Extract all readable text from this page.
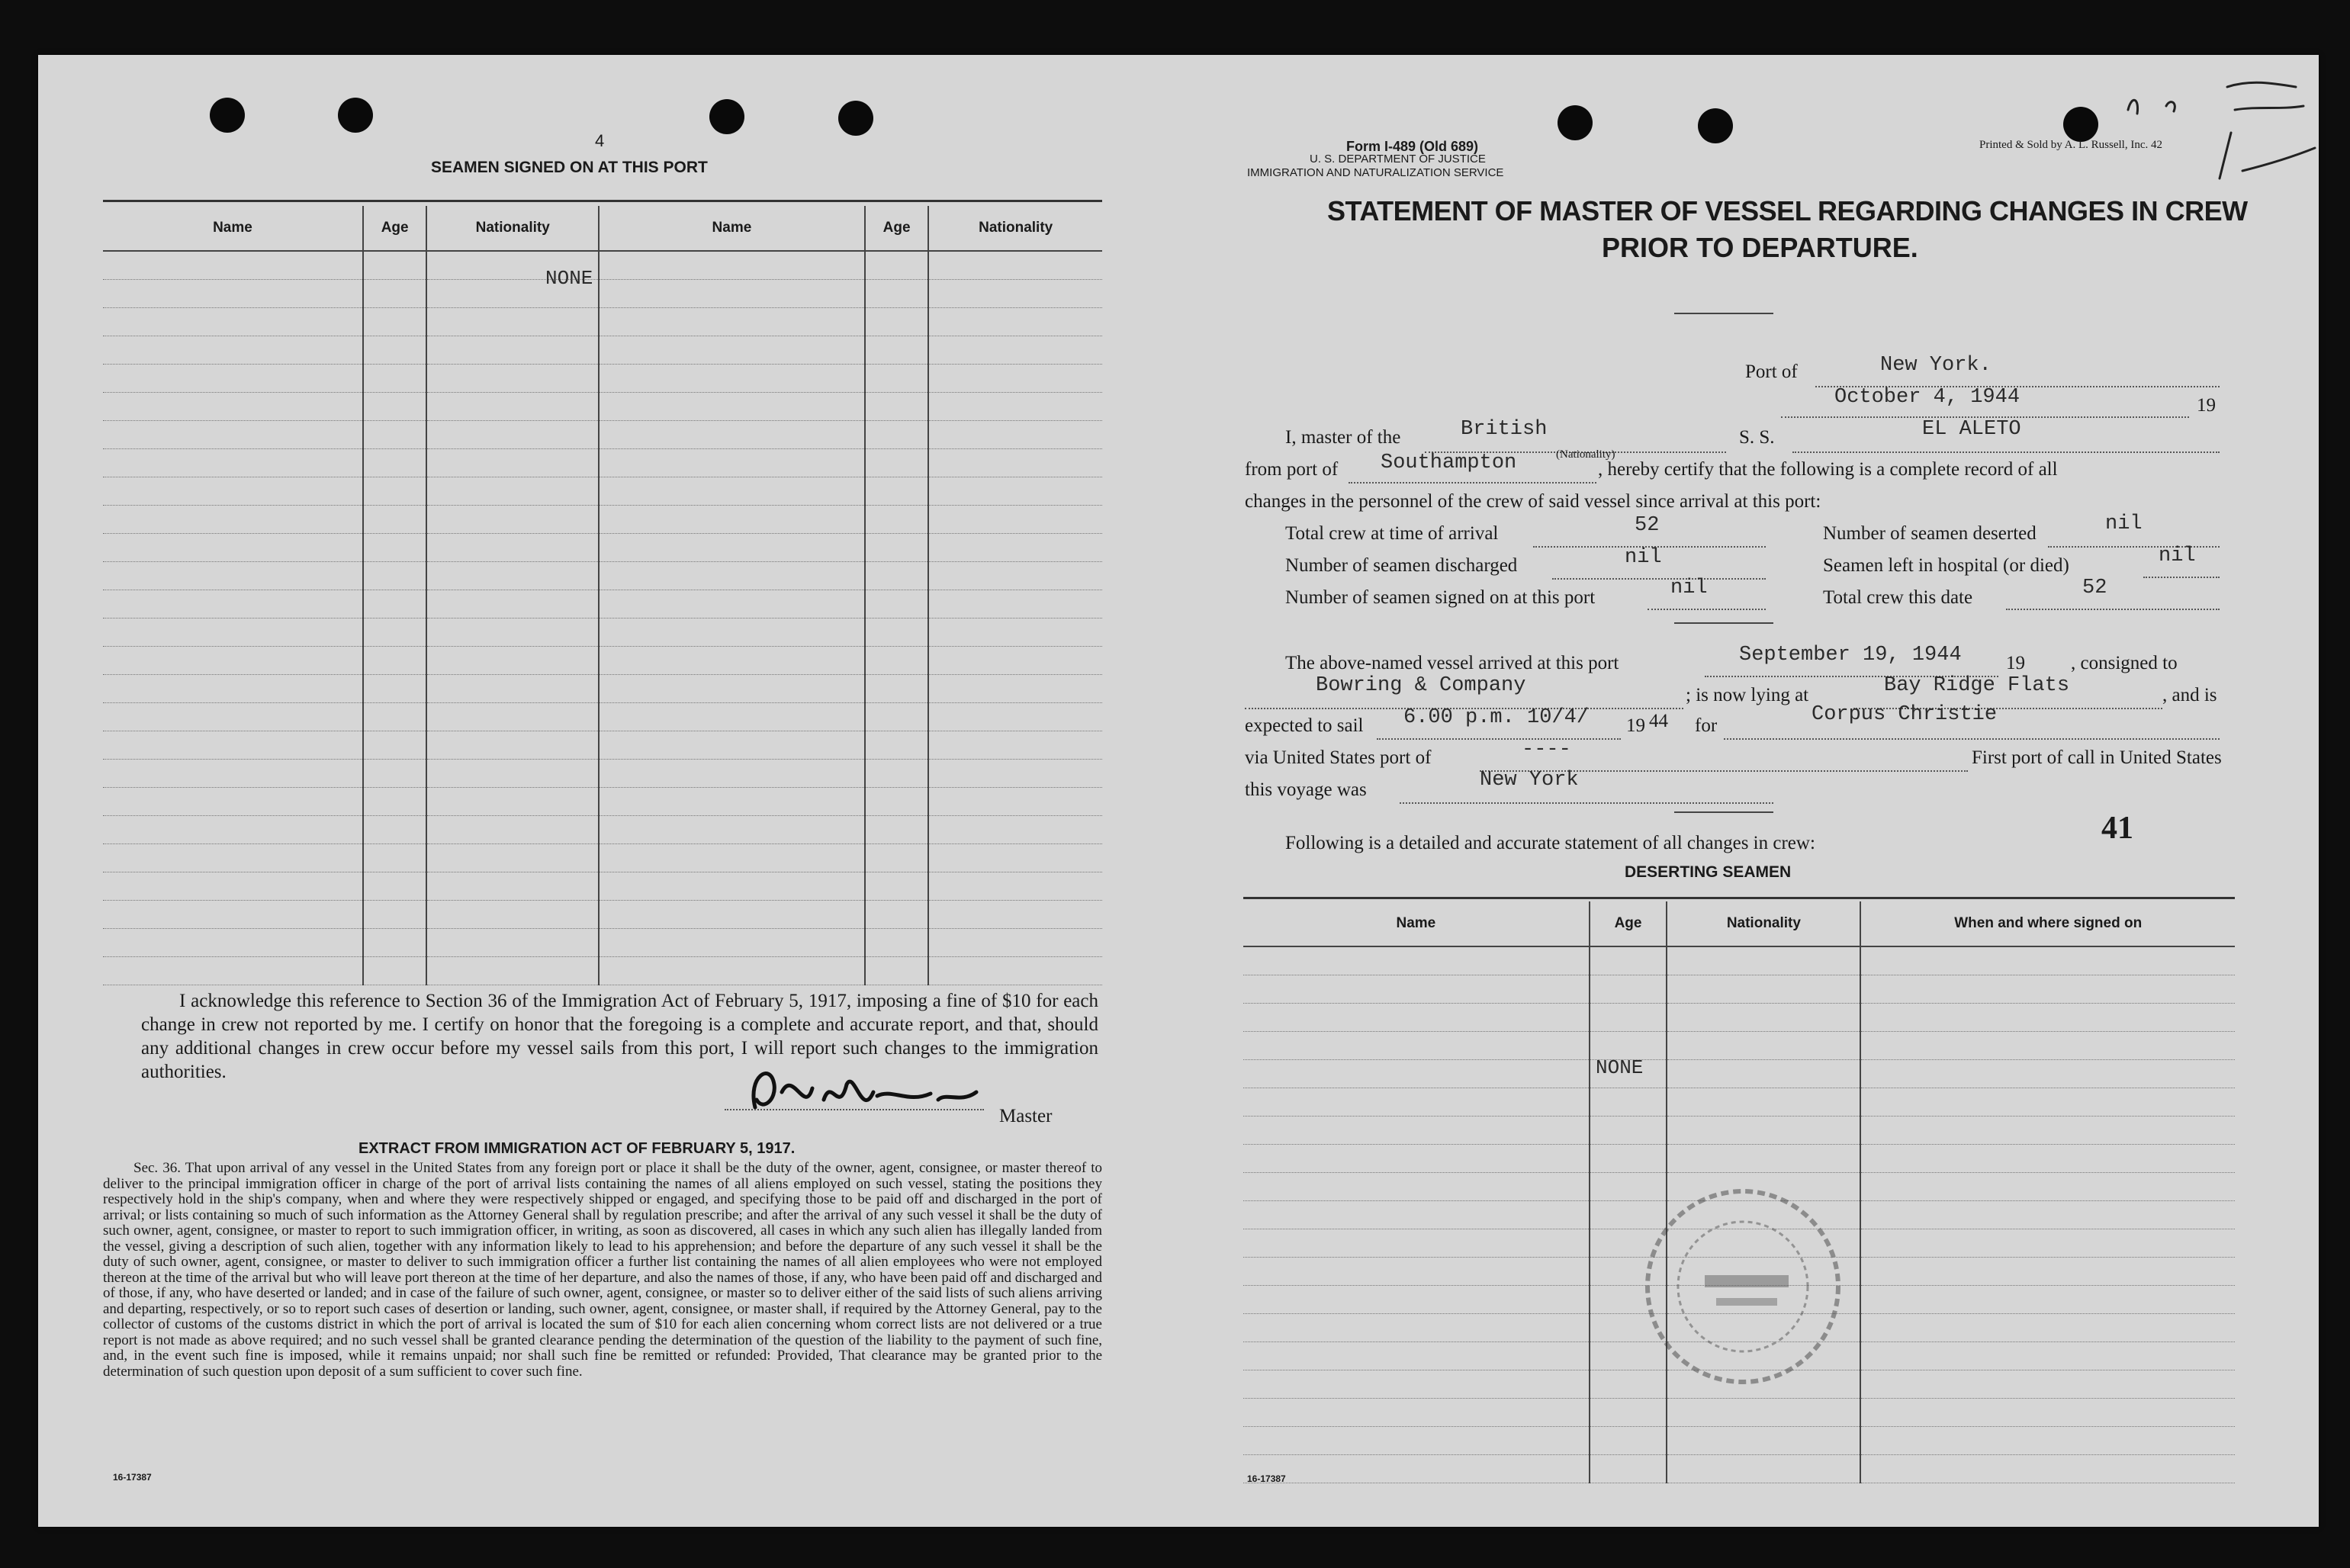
4
SEAMEN SIGNED ON AT THIS PORT
Name	Age	Nationality	Name	Age	Nationality

NONE
I acknowledge this reference to Section 36 of the Immigration Act of February 5, 1917, imposing a fine of $10 for each change in crew not reported by me. I certify on honor that the foregoing is a complete and accurate report, and that, should any additional changes in crew occur before my vessel sails from this port, I will report such changes to the immigration authorities.
Master
EXTRACT FROM IMMIGRATION ACT OF FEBRUARY 5, 1917.
Sec. 36. That upon arrival of any vessel in the United States from any foreign port or place it shall be the duty of the owner, agent, consignee, or master thereof to deliver to the principal immigration officer in charge of the port of arrival lists containing the names of all aliens employed on such vessel, stating the positions they respectively hold in the ship's company, when and where they were respectively shipped or engaged, and specifying those to be paid off and discharged in the port of arrival; or lists containing so much of such information as the Attorney General shall by regulation prescribe; and after the arrival of any such vessel it shall be the duty of such owner, agent, consignee, or master to report to such immigration officer, in writing, as soon as discovered, all cases in which any such alien has illegally landed from the vessel, giving a description of such alien, together with any information likely to lead to his apprehension; and before the departure of any such vessel it shall be the duty of such owner, agent, consignee, or master to deliver to such immigration officer a further list containing the names of all alien employees who were not employed thereon at the time of the arrival but who will leave port thereon at the time of her departure, and also the names of those, if any, who have been paid off and discharged and of those, if any, who have deserted or landed; and in case of the failure of such owner, agent, consignee, or master so to deliver either of the said lists of such aliens arriving and departing, respectively, or so to report such cases of desertion or landing, such owner, agent, consignee, or master shall, if required by the Attorney General, pay to the collector of customs of the customs district in which the port of arrival is located the sum of $10 for each alien concerning whom correct lists are not delivered or a true report is not made as above required; and no such vessel shall be granted clearance pending the determination of the question of the liability to the payment of such fine, and, in the event such fine is imposed, while it remains unpaid; nor shall such fine be remitted or refunded: Provided, That clearance may be granted prior to the determination of such question upon deposit of a sum sufficient to cover such fine.
16-17387
Form I-489 (Old 689)
U. S. DEPARTMENT OF JUSTICE
IMMIGRATION AND NATURALIZATION SERVICE
Printed & Sold by A. L. Russell, Inc. 42
STATEMENT OF MASTER OF VESSEL REGARDING CHANGES IN CREW
PRIOR TO DEPARTURE.
Port of	New York.
October 4, 1944	19
I, master of the	British
(Nationality)
S. S.	EL ALETO
from port of Southampton	, hereby certify that the following is a complete record of all
changes in the personnel of the crew of said vessel since arrival at this port:
Total crew at time of arrival	52	Number of seamen deserted	nil
Number of seamen discharged	nil	Seamen left in hospital (or died)	nil
Number of seamen signed on at this port	nil	Total crew this date	52
The above-named vessel arrived at this port	September 19, 1944 19 , consigned to
Bowring & Company	; is now lying at	Bay Ridge Flats	, and is
expected to sail 6.00 p.m. 10/4/ 19 44 for	Corpus Christie
via United States port of	----	First port of call in United States
this voyage was	New York
Following is a detailed and accurate statement of all changes in crew:	41
DESERTING SEAMEN
Name	Age	Nationality	When and where signed on

NONE
16-17387
